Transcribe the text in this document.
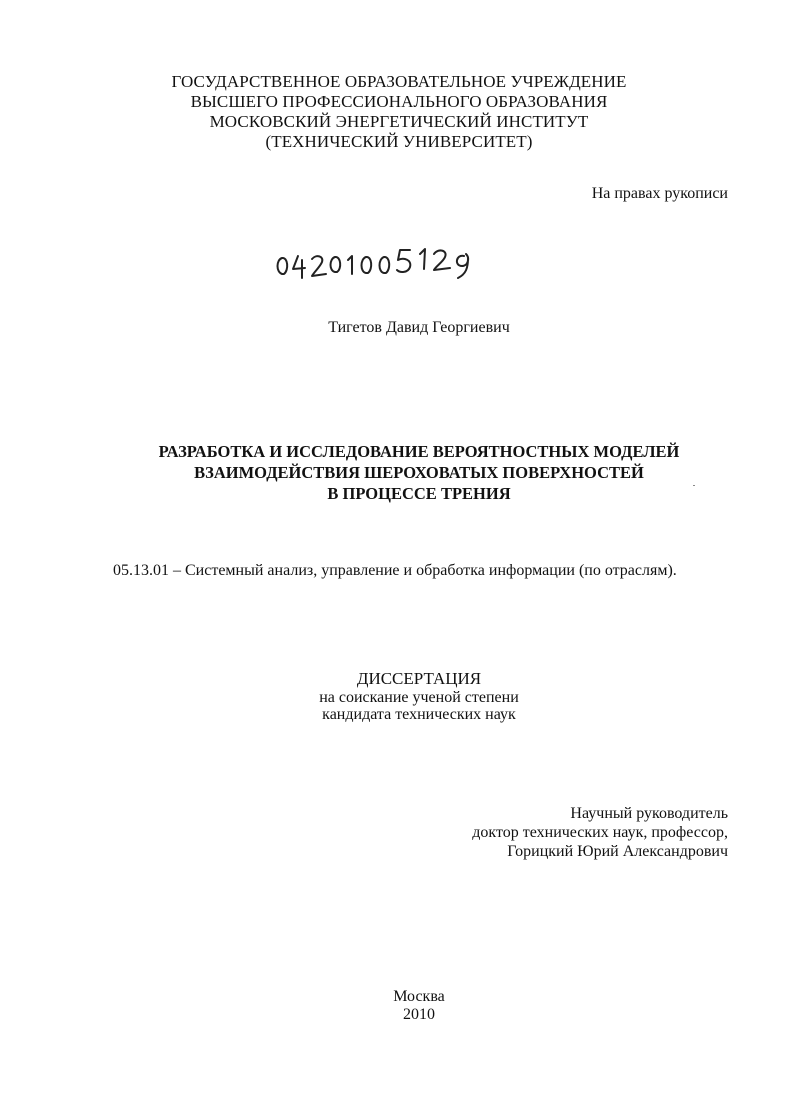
ГОСУДАРСТВЕННОЕ ОБРАЗОВАТЕЛЬНОЕ УЧРЕЖДЕНИЕ
ВЫСШЕГО ПРОФЕССИОНАЛЬНОГО ОБРАЗОВАНИЯ
МОСКОВСКИЙ ЭНЕРГЕТИЧЕСКИЙ ИНСТИТУТ
(ТЕХНИЧЕСКИЙ УНИВЕРСИТЕТ)
На правах рукописи
Тигетов Давид Георгиевич
РАЗРАБОТКА И ИССЛЕДОВАНИЕ ВЕРОЯТНОСТНЫХ МОДЕЛЕЙ
ВЗАИМОДЕЙСТВИЯ ШЕРОХОВАТЫХ ПОВЕРХНОСТЕЙ
В ПРОЦЕССЕ ТРЕНИЯ
05.13.01 – Системный анализ, управление и обработка информации (по отраслям).
ДИССЕРТАЦИЯ
на соискание ученой степени
кандидата технических наук
Научный руководитель
доктор технических наук, профессор,
Горицкий Юрий Александрович
Москва
2010
